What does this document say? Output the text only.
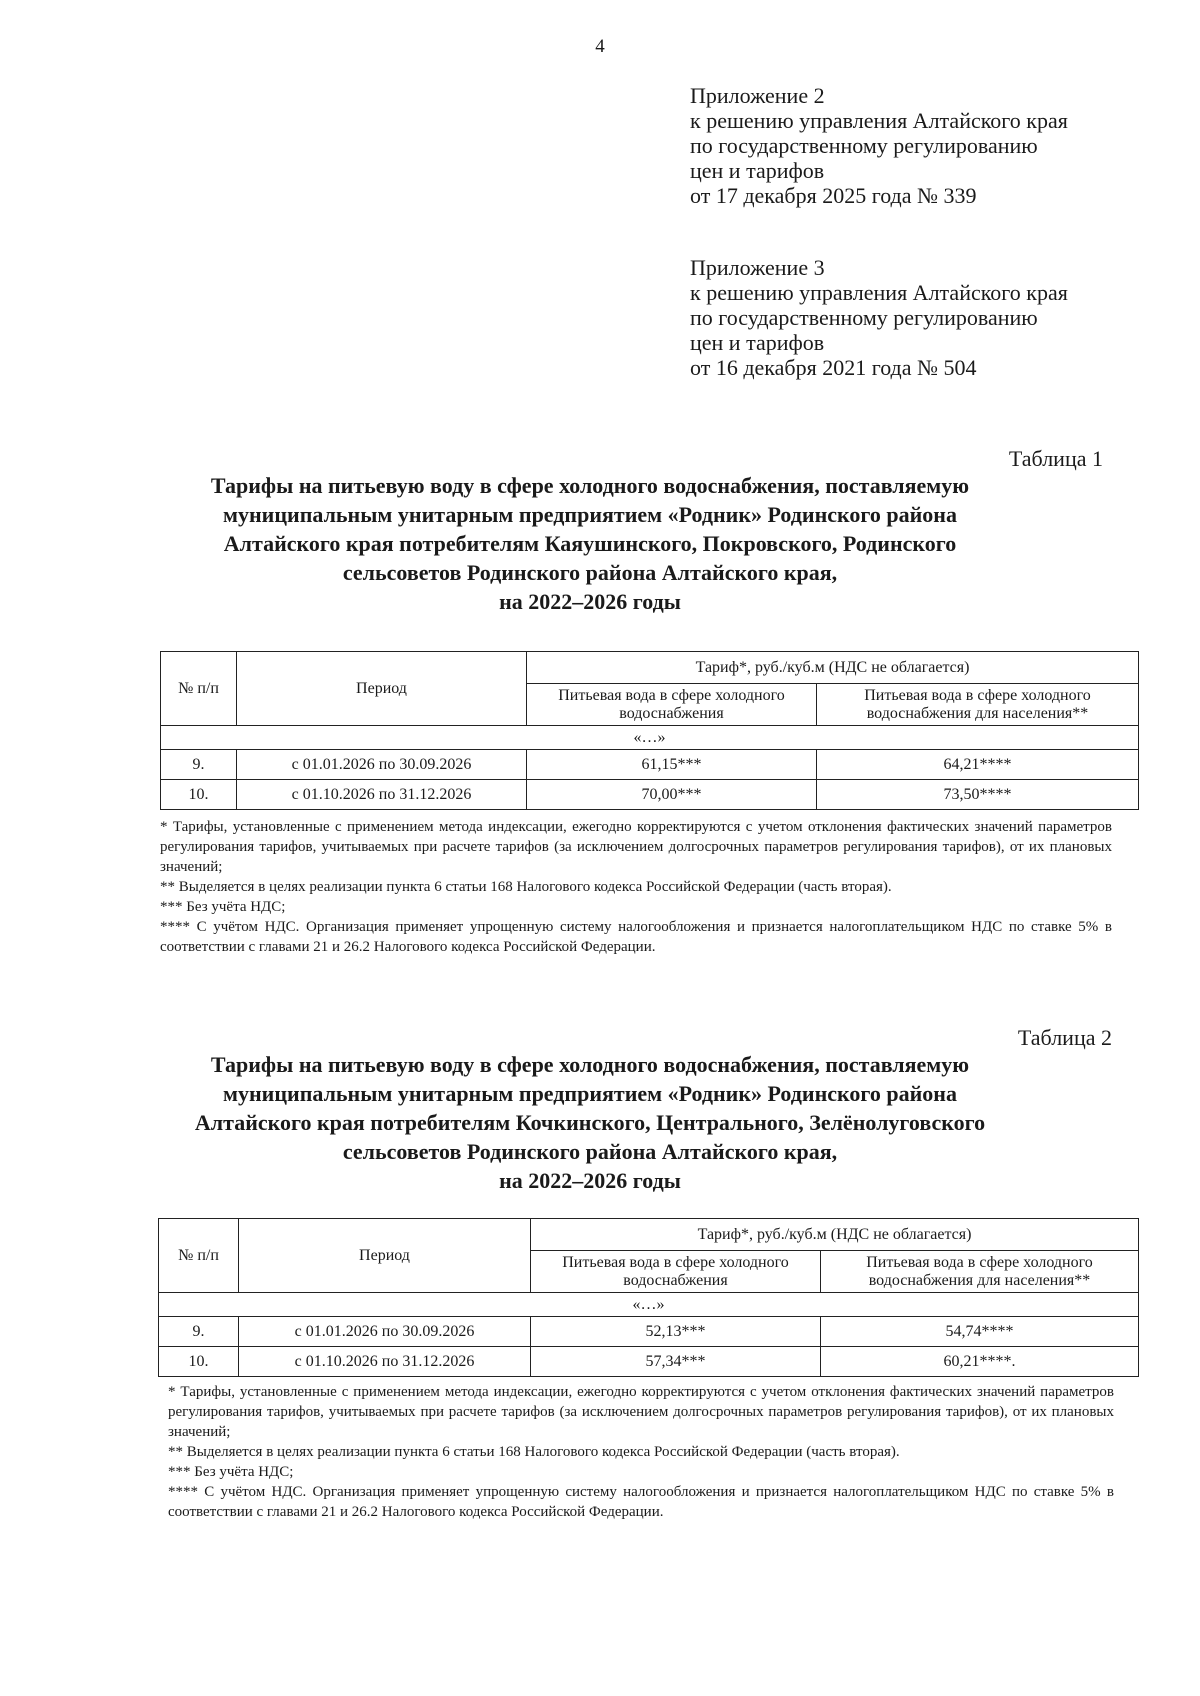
4
Приложение 2
к решению управления Алтайского края
по государственному регулированию
цен и тарифов
от 17 декабря 2025 года № 339
Приложение 3
к решению управления Алтайского края
по государственному регулированию
цен и тарифов
от 16 декабря 2021 года № 504
Таблица 1
Тарифы на питьевую воду в сфере холодного водоснабжения, поставляемую
муниципальным унитарным предприятием «Родник» Родинского района
Алтайского края потребителям Каяушинского, Покровского, Родинского
сельсоветов Родинского района Алтайского края,
на 2022–2026 годы
№ п/п	Период	Тариф*, руб./куб.м (НДС не облагается)	
		Питьевая вода в сфере холодного водоснабжения	Питьевая вода в сфере холодного водоснабжения для населения**
«…»			
9.	с 01.01.2026 по 30.09.2026	61,15***	64,21****
10.	с 01.10.2026 по 31.12.2026	70,00***	73,50****
* Тарифы, установленные с применением метода индексации, ежегодно корректируются с учетом отклонения фактических значений параметров регулирования тарифов, учитываемых при расчете тарифов (за исключением долгосрочных параметров регулирования тарифов), от их плановых значений;
** Выделяется в целях реализации пункта 6 статьи 168 Налогового кодекса Российской Федерации (часть вторая).
*** Без учёта НДС;
**** С учётом НДС. Организация применяет упрощенную систему налогообложения и признается налогоплательщиком НДС по ставке 5% в соответствии с главами 21 и 26.2 Налогового кодекса Российской Федерации.
Таблица 2
Тарифы на питьевую воду в сфере холодного водоснабжения, поставляемую
муниципальным унитарным предприятием «Родник» Родинского района
Алтайского края потребителям Кочкинского, Центрального, Зелёнолуговского
сельсоветов Родинского района Алтайского края,
на 2022–2026 годы
№ п/п	Период	Тариф*, руб./куб.м (НДС не облагается)	
		Питьевая вода в сфере холодного водоснабжения	Питьевая вода в сфере холодного водоснабжения для населения**
«…»			
9.	с 01.01.2026 по 30.09.2026	52,13***	54,74****
10.	с 01.10.2026 по 31.12.2026	57,34***	60,21****.
* Тарифы, установленные с применением метода индексации, ежегодно корректируются с учетом отклонения фактических значений параметров регулирования тарифов, учитываемых при расчете тарифов (за исключением долгосрочных параметров регулирования тарифов), от их плановых значений;
** Выделяется в целях реализации пункта 6 статьи 168 Налогового кодекса Российской Федерации (часть вторая).
*** Без учёта НДС;
**** С учётом НДС. Организация применяет упрощенную систему налогообложения и признается налогоплательщиком НДС по ставке 5% в соответствии с главами 21 и 26.2 Налогового кодекса Российской Федерации.
